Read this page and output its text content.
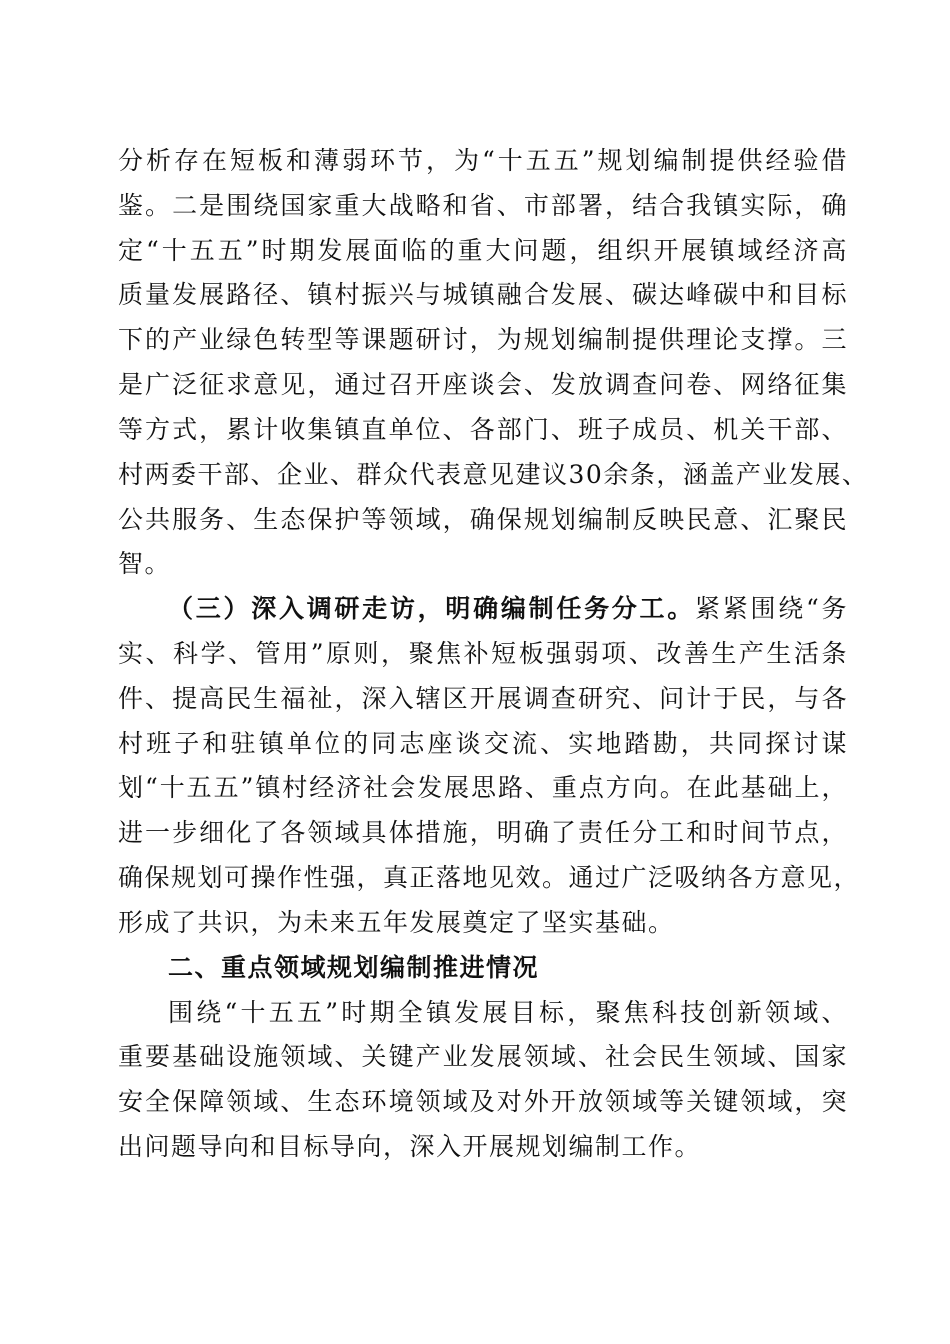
分析存在短板和薄弱环节，为“十五五”规划编制提供经验借
鉴。二是围绕国家重大战略和省、市部署，结合我镇实际，确
定“十五五”时期发展面临的重大问题，组织开展镇域经济高
质量发展路径、镇村振兴与城镇融合发展、碳达峰碳中和目标
下的产业绿色转型等课题研讨，为规划编制提供理论支撑。三
是广泛征求意见，通过召开座谈会、发放调查问卷、网络征集
等方式，累计收集镇直单位、各部门、班子成员、机关干部、
村两委干部、企业、群众代表意见建议30余条，涵盖产业发展、
公共服务、生态保护等领域，确保规划编制反映民意、汇聚民
智。
（三）深入调研走访，明确编制任务分工。紧紧围绕“务
实、科学、管用”原则，聚焦补短板强弱项、改善生产生活条
件、提高民生福祉，深入辖区开展调查研究、问计于民，与各
村班子和驻镇单位的同志座谈交流、实地踏勘，共同探讨谋
划“十五五”镇村经济社会发展思路、重点方向。在此基础上，
进一步细化了各领域具体措施，明确了责任分工和时间节点，
确保规划可操作性强，真正落地见效。通过广泛吸纳各方意见，
形成了共识，为未来五年发展奠定了坚实基础。
二、重点领域规划编制推进情况
围绕“十五五”时期全镇发展目标，聚焦科技创新领域、
重要基础设施领域、关键产业发展领域、社会民生领域、国家
安全保障领域、生态环境领域及对外开放领域等关键领域，突
出问题导向和目标导向，深入开展规划编制工作。
